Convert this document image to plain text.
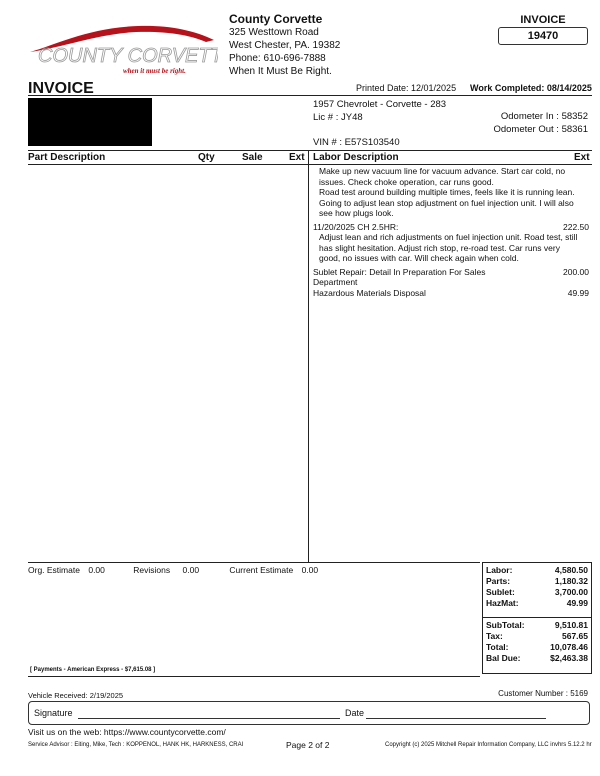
COUNTY CORVETTE
when it must be right.
County Corvette
325 Westtown Road
West Chester, PA. 19382
Phone: 610-696-7888
When It Must Be Right.
INVOICE
19470
INVOICE	Printed Date: 12/01/2025 Work Completed: 08/14/2025
1957 Chevrolet - Corvette - 283
Lic # : JY48	Odometer In : 58352
Odometer Out : 58361
VIN # : E57S103540
Part Description	Qty	Sale	Ext Labor Description	Ext
Make up new vacuum line for vacuum advance. Start car cold, no
issues. Check choke operation, car runs good.
Road test around building multiple times, feels like it is running lean.
Going to adjust lean stop adjustment on fuel injection unit. I will also
see how plugs look.
11/20/2025 CH 2.5HR:	222.50
Adjust lean and rich adjustments on fuel injection unit. Road test, still
has slight hesitation. Adjust rich stop, re-road test. Car runs very
good, no issues with car. Will check again when cold.
Sublet Repair: Detail In Preparation For Sales	200.00
Department
Hazardous Materials Disposal	49.99
Org. Estimate 0.00	Revisions 0.00	Current Estimate 0.00
[ Payments - American Express - $7,615.08 ]
Labor:	4,580.50
Parts:	1,180.32
Sublet:	3,700.00
HazMat:	49.99
SubTotal:	9,510.81
Tax:	567.65
Total:	10,078.46
Bal Due:	$2,463.38
Vehicle Received: 2/19/2025	Customer Number : 5169
Signature	Date
Visit us on the web: https://www.countycorvette.com/
Service Advisor : Eiting, Mike, Tech : KOPPENOL, HANK HK, HARKNESS, CRAI	Page 2 of 2	Copyright (c) 2025 Mitchell Repair Information Company, LLC invhrs 5.12.2 hr
